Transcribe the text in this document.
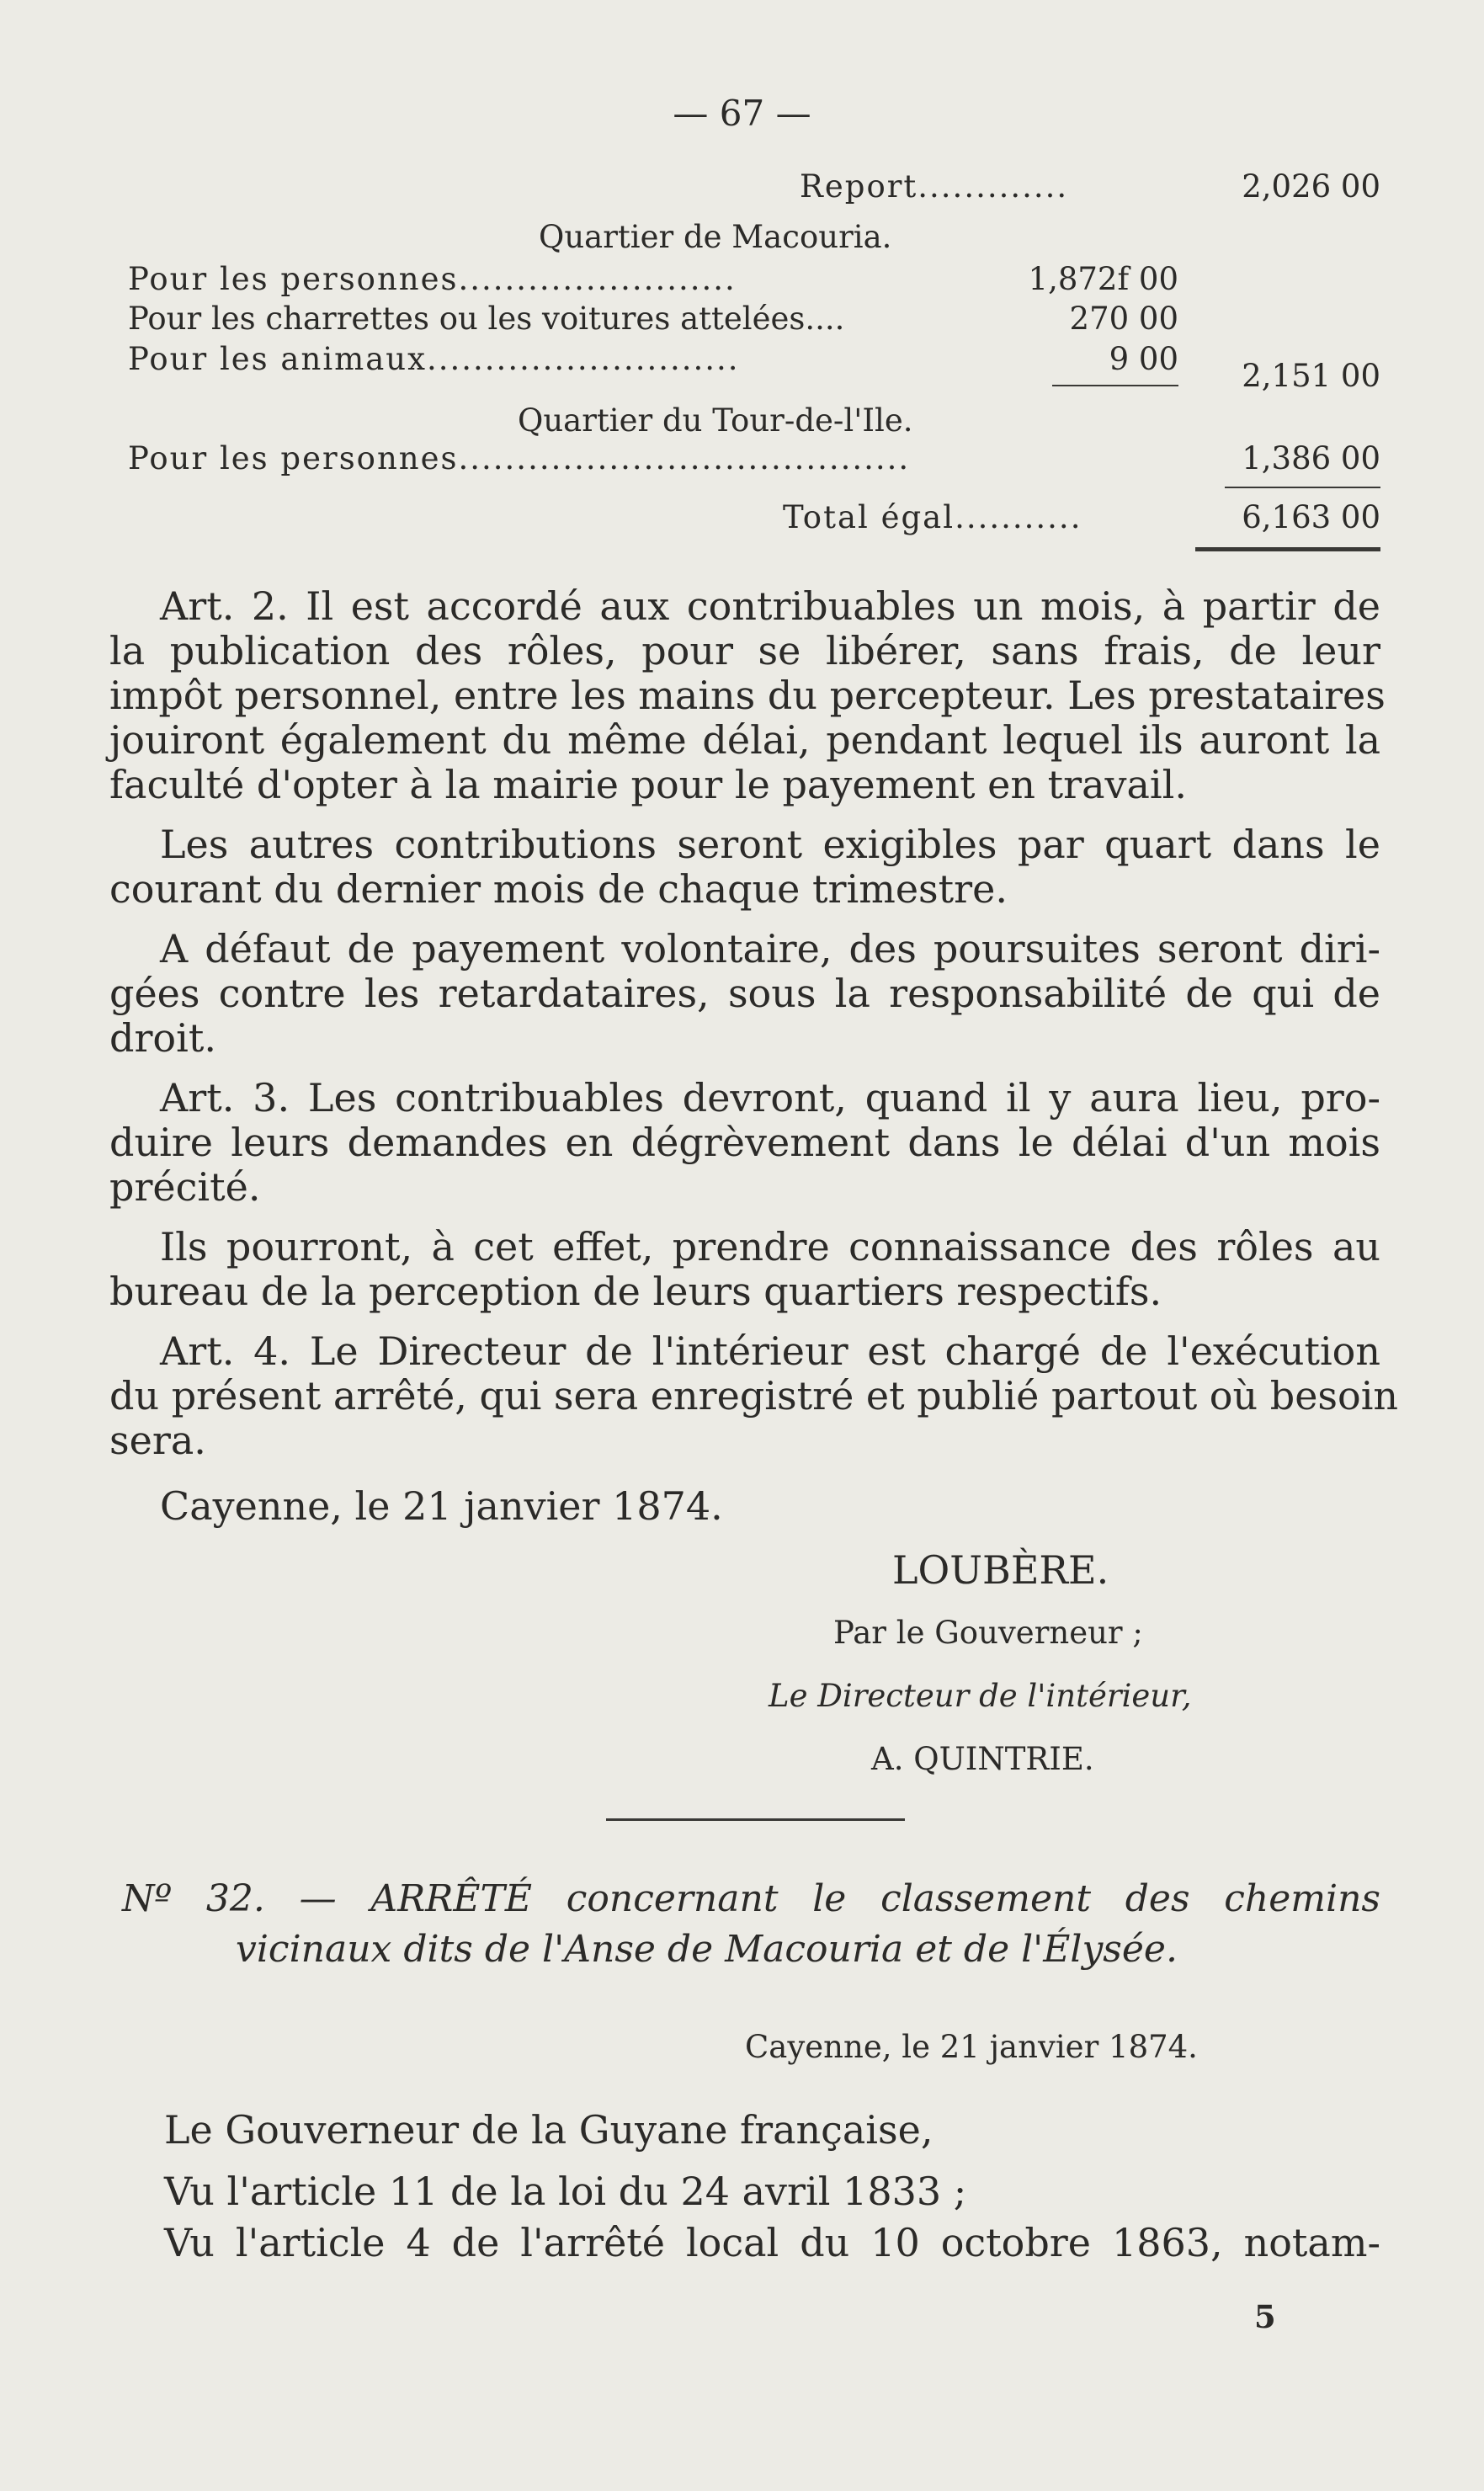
— 67 —
Report.............	2,026 00
Quartier de Macouria.
Pour les personnes........................	1,872f 00
Pour les charrettes ou les voitures attelées....	270 00
Pour les animaux...........................	9 00	2,151 00
Quartier du Tour-de-l'Ile.
Pour les personnes.......................................	1,386 00
Total égal...........	6,163 00
Art. 2. Il est accordé aux contribuables un mois, à partir de
la publication des rôles, pour se libérer, sans frais, de leur
impôt personnel, entre les mains du percepteur. Les prestataires
jouiront également du même délai, pendant lequel ils auront la
faculté d'opter à la mairie pour le payement en travail.
Les autres contributions seront exigibles par quart dans le
courant du dernier mois de chaque trimestre.
A défaut de payement volontaire, des poursuites seront diri-
gées contre les retardataires, sous la responsabilité de qui de
droit.
Art. 3. Les contribuables devront, quand il y aura lieu, pro-
duire leurs demandes en dégrèvement dans le délai d'un mois
précité.
Ils pourront, à cet effet, prendre connaissance des rôles au
bureau de la perception de leurs quartiers respectifs.
Art. 4. Le Directeur de l'intérieur est chargé de l'exécution
du présent arrêté, qui sera enregistré et publié partout où besoin
sera.
Cayenne, le 21 janvier 1874.
LOUBÈRE.
Par le Gouverneur ;
Le Directeur de l'intérieur,
A. QUINTRIE.
Nº 32. — ARRÊTÉ concernant le classement des chemins
vicinaux dits de l'Anse de Macouria et de l'Élysée.
Cayenne, le 21 janvier 1874.
Le Gouverneur de la Guyane française,
Vu l'article 11 de la loi du 24 avril 1833 ;
Vu l'article 4 de l'arrêté local du 10 octobre 1863, notam-
5
